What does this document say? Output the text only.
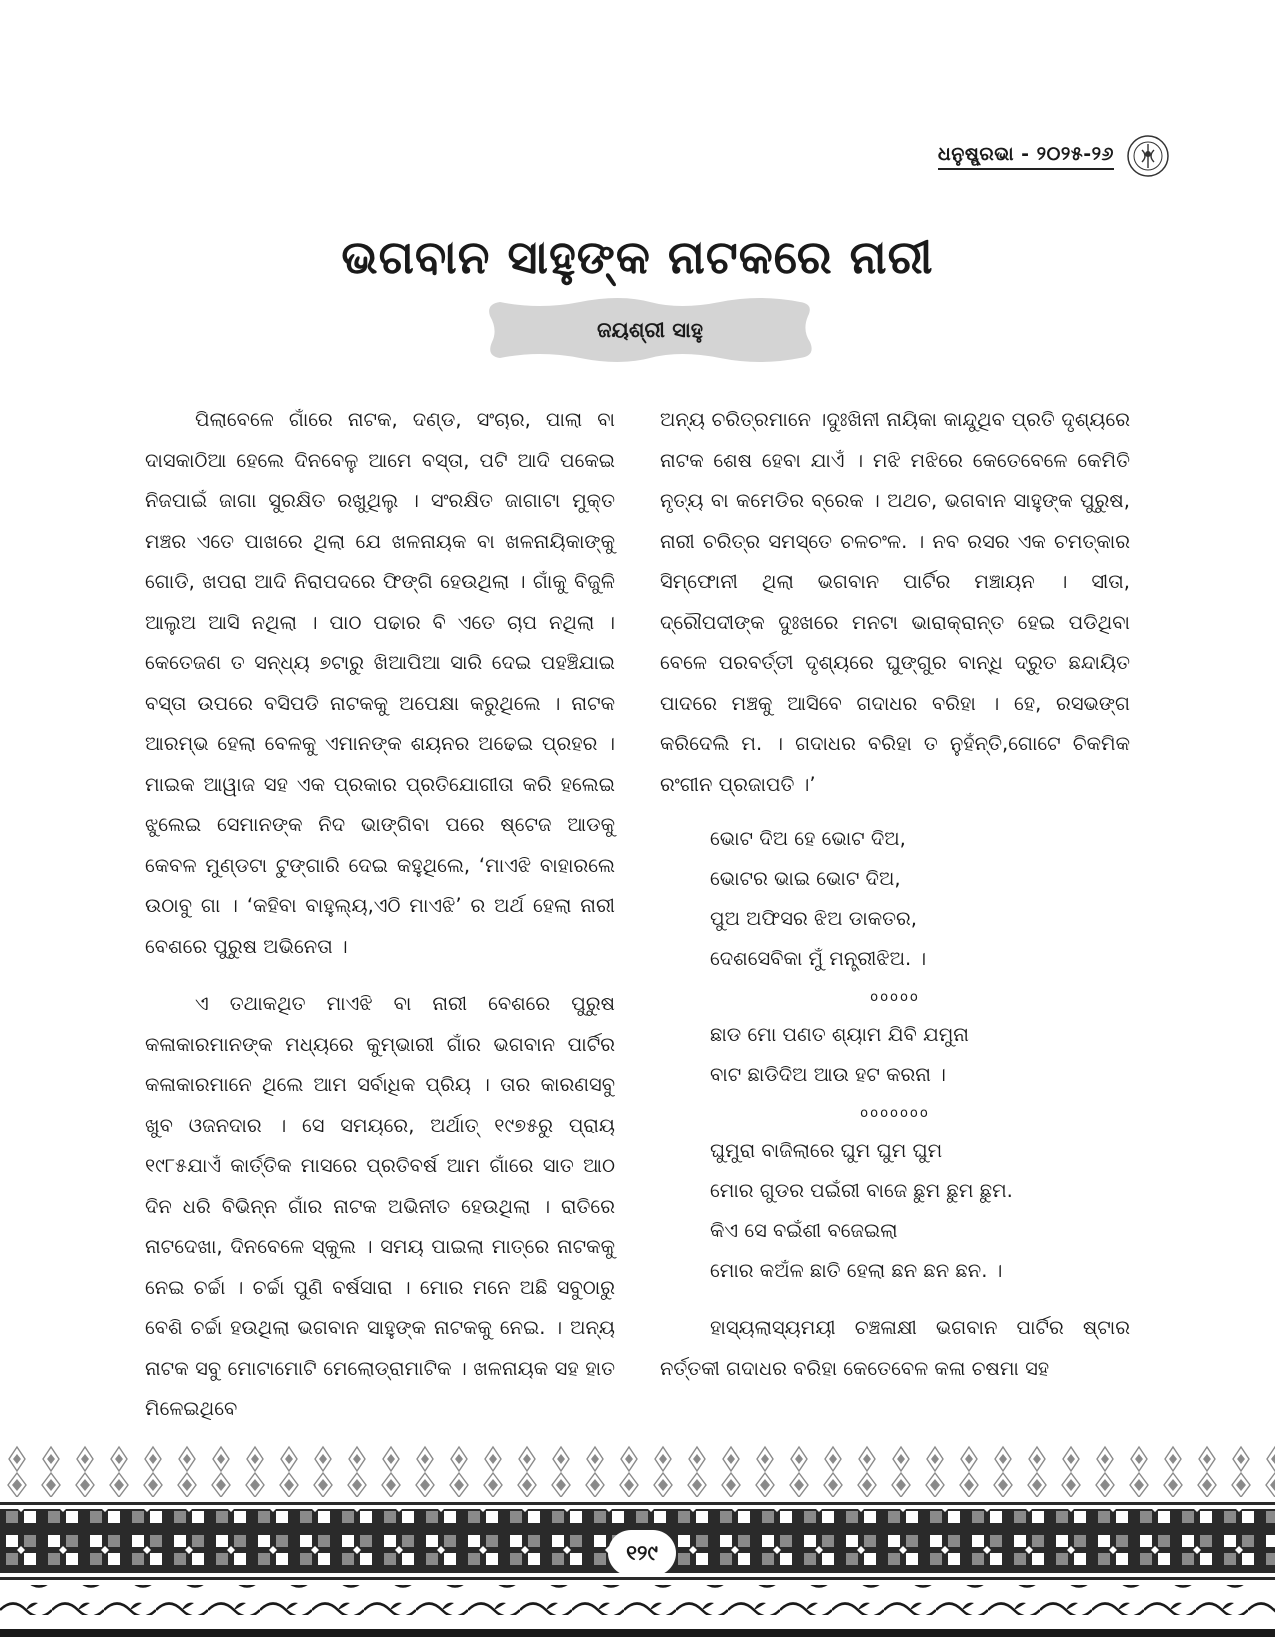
ଧନୁଷ୍ପ୍ରଭା - ୨୦୨୫-୨୬
ଭଗବାନ ସାହୁଙ୍କ ନାଟକରେ ନାରୀ
ଜୟଶ୍ରୀ ସାହୁ

ପିଲାବେଳେ ଗାଁରେ ନାଟକ, ଦଣ୍ଡ, ସଂଚାର, ପାଲା ବା ଦାସକାଠିଆ ହେଲେ ଦିନବେଳୁ ଆମେ ବସ୍ତା, ପଟି ଆଦି ପକେଇ ନିଜପାଇଁ ଜାଗା ସୁରକ୍ଷିତ ରଖୁଥିଲୁ । ସଂରକ୍ଷିତ ଜାଗାଟା ମୁକ୍ତ ମଞ୍ଚର ଏତେ ପାଖରେ ଥିଲା ଯେ ଖଳନାୟକ ବା ଖଳନାୟିକାଙ୍କୁ ଗୋଡି, ଖପରା ଆଦି ନିରାପଦରେ ଫିଙ୍ଗି ହେଉଥିଲା । ଗାଁକୁ ବିଜୁଳି ଆଲୁଅ ଆସି ନଥିଲା । ପାଠ ପଢାର ବି ଏତେ ଚାପ ନଥିଲା । କେତେଜଣ ତ ସନ୍ଧ୍ୟ ୭ଟାରୁ ଖିଆପିଆ ସାରି ଦେଇ ପହଞ୍ଚିଯାଇ ବସ୍ତା ଉପରେ ବସିପଡି ନାଟକକୁ ଅପେକ୍ଷା କରୁଥିଲେ । ନାଟକ ଆରମ୍ଭ ହେଲା ବେଳକୁ ଏମାନଙ୍କ ଶୟନର ଅଢେଇ ପ୍ରହର । ମାଇକ ଆୱାଜ ସହ ଏକ ପ୍ରକାର ପ୍ରତିଯୋଗୀତା କରି ହଲେଇ ଝୁଲେଇ ସେମାନଙ୍କ ନିଦ ଭାଙ୍ଗିବା ପରେ ଷ୍ଟେଜ ଆଡକୁ କେବଳ ମୁଣ୍ଡଟା ଟୁଙ୍ଗାରି ଦେଇ କହୁଥିଲେ, ‘ମାଏଝି ବାହାରଲେ ଉଠାବୁ ଗା । ‘କହିବା ବାହୁଲ୍ୟ,ଏଠି ମାଏଝି’ ର ଅର୍ଥ ହେଲା ନାରୀ ବେଶରେ ପୁରୁଷ ଅଭିନେତା ।

ଏ ତଥାକଥିତ ମାଏଝି ବା ନାରୀ ବେଶରେ ପୁରୁଷ କଳାକାରମାନଙ୍କ ମଧ୍ୟରେ କୁମ୍ଭାରୀ ଗାଁର ଭଗବାନ ପାର୍ଟିର କଳାକାରମାନେ ଥିଲେ ଆମ ସର୍ବାଧିକ ପ୍ରିୟ । ତାର କାରଣସବୁ ଖୁବ ଓଜନଦାର । ସେ ସମୟରେ, ଅର୍ଥାତ୍ ୧୯୭୫ରୁ ପ୍ରାୟ ୧୯୮୫ଯାଏଁ କାର୍ତ୍ତିକ ମାସରେ ପ୍ରତିବର୍ଷ ଆମ ଗାଁରେ ସାତ ଆଠ ଦିନ ଧରି ବିଭିନ୍ନ ଗାଁର ନାଟକ ଅଭିନୀତ ହେଉଥିଲା । ରାତିରେ ନାଟଦେଖା, ଦିନବେଳେ ସ୍କୁଲ । ସମୟ ପାଇଲା ମାତ୍ରେ ନାଟକକୁ ନେଇ ଚର୍ଚ୍ଚା । ଚର୍ଚ୍ଚା ପୁଣି ବର୍ଷସାରା । ମୋର ମନେ ଅଛି ସବୁଠାରୁ ବେଶି ଚର୍ଚ୍ଚା ହଉଥିଲା ଭଗବାନ ସାହୁଙ୍କ ନାଟକକୁ ନେଇ. । ଅନ୍ୟ ନାଟକ ସବୁ ମୋଟାମୋଟି ମେଲୋଡ୍ରାମାଟିକ । ଖଳନାୟକ ସହ ହାତ ମିଳେଇଥିବେ

ଅନ୍ୟ ଚରିତ୍ରମାନେ ।ଦୁଃଖିନୀ ନାୟିକା କାନ୍ଦୁଥିବ ପ୍ରତି ଦୃଶ୍ୟରେ ନାଟକ ଶେଷ ହେବା ଯାଏଁ । ମଝି ମଝିରେ କେତେବେଳେ କେମିତି ନୃତ୍ୟ ବା କମେଡିର ବ୍ରେକ । ଅଥଚ, ଭଗବାନ ସାହୁଙ୍କ ପୁରୁଷ, ନାରୀ ଚରିତ୍ର ସମସ୍ତେ ଚଳଚଂଳ. । ନବ ରସର ଏକ ଚମତ୍କାର ସିମ୍ଫୋନୀ ଥିଲା ଭଗବାନ ପାର୍ଟିର ମଞ୍ଚାୟନ । ସୀତା, ଦ୍ରୌପଦୀଙ୍କ ଦୁଃଖରେ ମନଟା ଭାରାକ୍ରାନ୍ତ ହେଇ ପଡିଥିବା ବେଳେ ପରବର୍ତ୍ତୀ ଦୃଶ୍ୟରେ ଘୁଙ୍ଗୁର ବାନ୍ଧି ଦ୍ରୁତ ଛନ୍ଦାୟିତ ପାଦରେ ମଞ୍ଚକୁ ଆସିବେ ଗଦାଧର ବରିହା । ହେ, ରସଭଙ୍ଗ କରିଦେଲି ମ. । ଗଦାଧର ବରିହା ତ ନୁହଁନ୍ତି,ଗୋଟେ ଚିକମିକ ରଂଗୀନ ପ୍ରଜାପତି ।’

ଭୋଟ ଦିଅ ହେ ଭୋଟ ଦିଅ,
ଭୋଟର ଭାଇ ଭୋଟ ଦିଅ,
ପୁଅ ଅଫିସର ଝିଅ ଡାକତର,
ଦେଶସେବିକା ମୁଁ ମନ୍ତ୍ରୀଝିଅ. ।
ooooo
ଛାଡ ମୋ ପଣତ ଶ୍ୟାମ ଯିବି ଯମୁନା
ବାଟ ଛାଡିଦିଅ ଆଉ ହଟ କରନା ।
ooooooo
ଘୁମୁରା ବାଜିଲାରେ ଘୁମ ଘୁମ ଘୁମ
ମୋର ଗୁଡର ପଇଁରୀ ବାଜେ ଛୁମ ଛୁମ ଛୁମ.
କିଏ ସେ ବଇଁଶୀ ବଜେଇଲା
ମୋର କଅଁଳ ଛାତି ହେଲା ଛନ ଛନ ଛନ. ।

ହାସ୍ୟଲାସ୍ୟମୟୀ ଚଞ୍ଚଳାକ୍ଷୀ ଭଗବାନ ପାର୍ଟିର ଷ୍ଟାର ନର୍ତ୍ତକୀ ଗଦାଧର ବରିହା କେତେବେଳ କଳା ଚଷମା ସହ

୧୨୯
